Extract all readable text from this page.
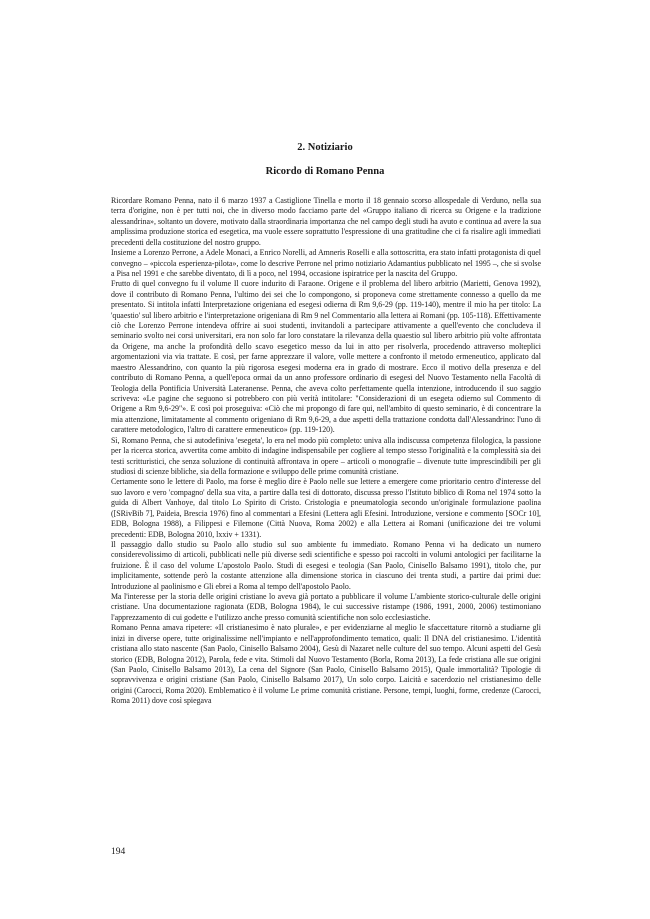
2. Notiziario
Ricordo di Romano Penna

Ricordare Romano Penna, nato il 6 marzo 1937 a Castiglione Tinella e morto il 18 gennaio scorso allospedale di Verduno, nella sua terra d'origine, non è per tutti noi, che in diverso modo facciamo parte del «Gruppo italiano di ricerca su Origene e la tradizione alessandrina», soltanto un dovere, motivato dalla straordinaria importanza che nel campo degli studi ha avuto e continua ad avere la sua amplissima produzione storica ed esegetica, ma vuole essere soprattutto l'espressione di una gratitudine che ci fa risalire agli immediati precedenti della costituzione del nostro gruppo.

Insieme a Lorenzo Perrone, a Adele Monaci, a Enrico Norelli, ad Amneris Roselli e alla sottoscritta, era stato infatti protagonista di quel convegno – «piccola esperienza-pilota», come lo descrive Perrone nel primo notiziario Adamantius pubblicato nel 1995 –, che si svolse a Pisa nel 1991 e che sarebbe diventato, di lì a poco, nel 1994, occasione ispiratrice per la nascita del Gruppo.

Frutto di quel convegno fu il volume Il cuore indurito di Faraone. Origene e il problema del libero arbitrio (Marietti, Genova 1992), dove il contributo di Romano Penna, l'ultimo dei sei che lo compongono, si proponeva come strettamente connesso a quello da me presentato. Si intitola infatti Interpretazione origeniana ed esegesi odierna di Rm 9,6-29 (pp. 119-140), mentre il mio ha per titolo: La 'quaestio' sul libero arbitrio e l'interpretazione origeniana di Rm 9 nel Commentario alla lettera ai Romani (pp. 105-118). Effettivamente ciò che Lorenzo Perrone intendeva offrire ai suoi studenti, invitandoli a partecipare attivamente a quell'evento che concludeva il seminario svolto nei corsi universitari, era non solo far loro constatare la rilevanza della quaestio sul libero arbitrio più volte affrontata da Origene, ma anche la profondità dello scavo esegetico messo da lui in atto per risolverla, procedendo attraverso molteplici argomentazioni via via trattate. E così, per farne apprezzare il valore, volle mettere a confronto il metodo ermeneutico, applicato dal maestro Alessandrino, con quanto la più rigorosa esegesi moderna era in grado di mostrare. Ecco il motivo della presenza e del contributo di Romano Penna, a quell'epoca ormai da un anno professore ordinario di esegesi del Nuovo Testamento nella Facoltà di Teologia della Pontificia Università Lateranense. Penna, che aveva colto perfettamente quella intenzione, introducendo il suo saggio scriveva: «Le pagine che seguono si potrebbero con più verità intitolare: "Considerazioni di un esegeta odierno sul Commento di Origene a Rm 9,6-29"». E così poi proseguiva: «Ciò che mi propongo di fare qui, nell'ambito di questo seminario, è di concentrare la mia attenzione, limitatamente al commento origeniano di Rm 9,6-29, a due aspetti della trattazione condotta dall'Alessandrino: l'uno di carattere metodologico, l'altro di carattere ermeneutico» (pp. 119-120).

Sì, Romano Penna, che si autodefiniva 'esegeta', lo era nel modo più completo: univa alla indiscussa competenza filologica, la passione per la ricerca storica, avvertita come ambito di indagine indispensabile per cogliere al tempo stesso l'originalità e la complessità sia dei testi scritturistici, che senza soluzione di continuità affrontava in opere – articoli o monografie – divenute tutte imprescindibili per gli studiosi di scienze bibliche, sia della formazione e sviluppo delle prime comunità cristiane.

Certamente sono le lettere di Paolo, ma forse è meglio dire è Paolo nelle sue lettere a emergere come prioritario centro d'interesse del suo lavoro e vero 'compagno' della sua vita, a partire dalla tesi di dottorato, discussa presso l'Istituto biblico di Roma nel 1974 sotto la guida di Albert Vanhoye, dal titolo Lo Spirito di Cristo. Cristologia e pneumatologia secondo un'originale formulazione paolina ([SRivBib 7], Paideia, Brescia 1976) fino al commentari a Efesini (Lettera agli Efesini. Introduzione, versione e commento [SOCr 10], EDB, Bologna 1988), a Filippesi e Filemone (Città Nuova, Roma 2002) e alla Lettera ai Romani (unificazione dei tre volumi precedenti: EDB, Bologna 2010, lxxiv + 1331).

Il passaggio dallo studio su Paolo allo studio sul suo ambiente fu immediato. Romano Penna vi ha dedicato un numero considerevolissimo di articoli, pubblicati nelle più diverse sedi scientifiche e spesso poi raccolti in volumi antologici per facilitarne la fruizione. È il caso del volume L'apostolo Paolo. Studi di esegesi e teologia (San Paolo, Cinisello Balsamo 1991), titolo che, pur implicitamente, sottende però la costante attenzione alla dimensione storica in ciascuno dei trenta studi, a partire dai primi due: Introduzione al paolinismo e Gli ebrei a Roma al tempo dell'apostolo Paolo.

Ma l'interesse per la storia delle origini cristiane lo aveva già portato a pubblicare il volume L'ambiente storico-culturale delle origini cristiane. Una documentazione ragionata (EDB, Bologna 1984), le cui successive ristampe (1986, 1991, 2000, 2006) testimoniano l'apprezzamento di cui godette e l'utilizzo anche presso comunità scientifiche non solo ecclesiastiche.

Romano Penna amava ripetere: «Il cristianesimo è nato plurale», e per evidenziarne al meglio le sfaccettature ritornò a studiarne gli inizi in diverse opere, tutte originalissime nell'impianto e nell'approfondimento tematico, quali: Il DNA del cristianesimo. L'identità cristiana allo stato nascente (San Paolo, Cinisello Balsamo 2004), Gesù di Nazaret nelle culture del suo tempo. Alcuni aspetti del Gesù storico (EDB, Bologna 2012), Parola, fede e vita. Stimoli dal Nuovo Testamento (Borla, Roma 2013), La fede cristiana alle sue origini (San Paolo, Cinisello Balsamo 2013), La cena del Signore (San Paolo, Cinisello Balsamo 2015), Quale immortalità? Tipologie di sopravvivenza e origini cristiane (San Paolo, Cinisello Balsamo 2017), Un solo corpo. Laicità e sacerdozio nel cristianesimo delle origini (Carocci, Roma 2020). Emblematico è il volume Le prime comunità cristiane. Persone, tempi, luoghi, forme, credenze (Carocci, Roma 2011) dove così spiegava

194
